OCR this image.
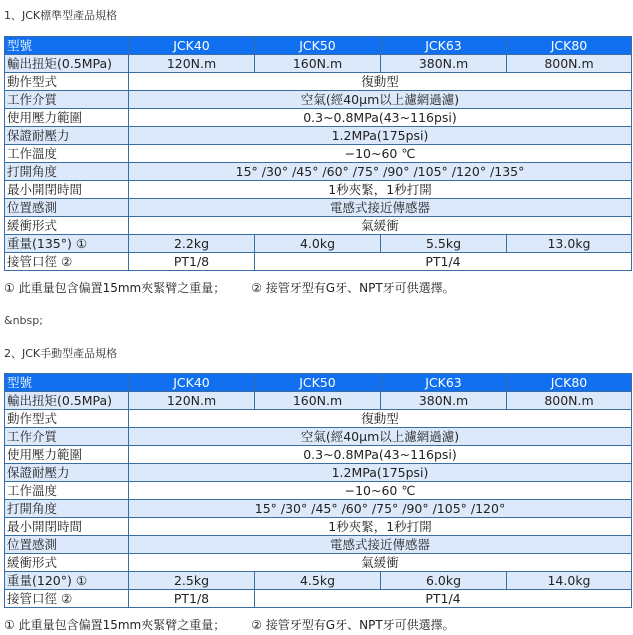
1、JCK標準型產品規格
型號	JCK40	JCK50	JCK63	JCK80
輸出扭矩(0.5MPa)	120N.m	160N.m	380N.m	800N.m
動作型式	復動型			
工作介質	空氣(經40μm以上濾網過濾)			
使用壓力範圍	0.3~0.8MPa(43~116psi)			
保證耐壓力	1.2MPa(175psi)			
工作溫度	−10~60 ℃			
打開角度	15° /30° /45° /60° /75° /90° /105° /120° /135°			
最小開閉時間	1秒夾緊，1秒打開			
位置感測	電感式接近傳感器			
緩衝形式	氣緩衝			
重量(135°) ①	2.2kg	4.0kg	5.5kg	13.0kg
接管口徑 ②	PT1/8	PT1/4		
① 此重量包含偏置15mm夾緊臂之重量； ② 接管牙型有G牙、NPT牙可供選擇。
&nbsp;
2、JCK手動型產品規格
型號	JCK40	JCK50	JCK63	JCK80
輸出扭矩(0.5MPa)	120N.m	160N.m	380N.m	800N.m
動作型式	復動型			
工作介質	空氣(經40μm以上濾網過濾)			
使用壓力範圍	0.3~0.8MPa(43~116psi)			
保證耐壓力	1.2MPa(175psi)			
工作溫度	−10~60 ℃			
打開角度	15° /30° /45° /60° /75° /90° /105° /120°			
最小開閉時間	1秒夾緊，1秒打開			
位置感測	電感式接近傳感器			
緩衝形式	氣緩衝			
重量(120°) ①	2.5kg	4.5kg	6.0kg	14.0kg
接管口徑 ②	PT1/8	PT1/4		
① 此重量包含偏置15mm夾緊臂之重量； ② 接管牙型有G牙、NPT牙可供選擇。
